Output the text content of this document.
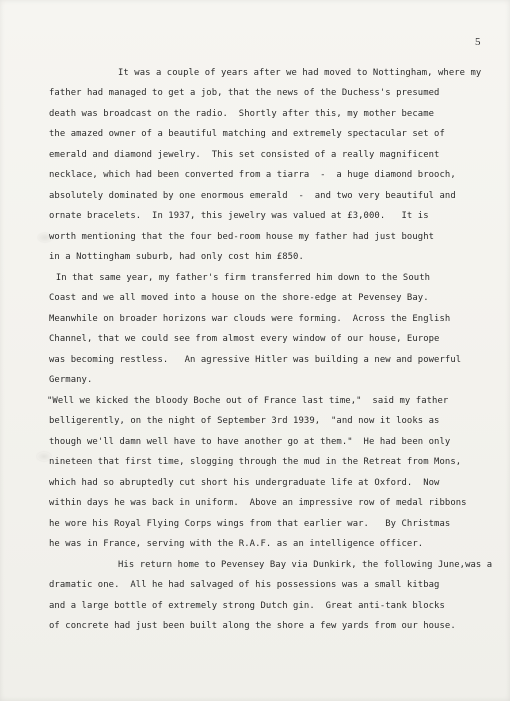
5
It was a couple of years after we had moved to Nottingham, where my
father had managed to get a job, that the news of the Duchess's presumed
death was broadcast on the radio.  Shortly after this, my mother became
the amazed owner of a beautiful matching and extremely spectacular set of
emerald and diamond jewelry.  This set consisted of a really magnificent
necklace, which had been converted from a tiarra  -  a huge diamond brooch,
absolutely dominated by one enormous emerald  -  and two very beautiful and
ornate bracelets.  In 1937, this jewelry was valued at £3,000.   It is
worth mentioning that the four bed-room house my father had just bought
in a Nottingham suburb, had only cost him £850.
In that same year, my father's firm transferred him down to the South
Coast and we all moved into a house on the shore-edge at Pevensey Bay.
Meanwhile on broader horizons war clouds were forming.  Across the English
Channel, that we could see from almost every window of our house, Europe
was becoming restless.   An agressive Hitler was building a new and powerful
Germany.
"Well we kicked the bloody Boche out of France last time,"  said my father
belligerently, on the night of September 3rd 1939,  "and now it looks as
though we'll damn well have to have another go at them."  He had been only
nineteen that first time, slogging through the mud in the Retreat from Mons,
which had so abruptedly cut short his undergraduate life at Oxford.  Now
within days he was back in uniform.  Above an impressive row of medal ribbons
he wore his Royal Flying Corps wings from that earlier war.   By Christmas
he was in France, serving with the R.A.F. as an intelligence officer.
His return home to Pevensey Bay via Dunkirk, the following June,was a
dramatic one.  All he had salvaged of his possessions was a small kitbag
and a large bottle of extremely strong Dutch gin.  Great anti-tank blocks
of concrete had just been built along the shore a few yards from our house.
